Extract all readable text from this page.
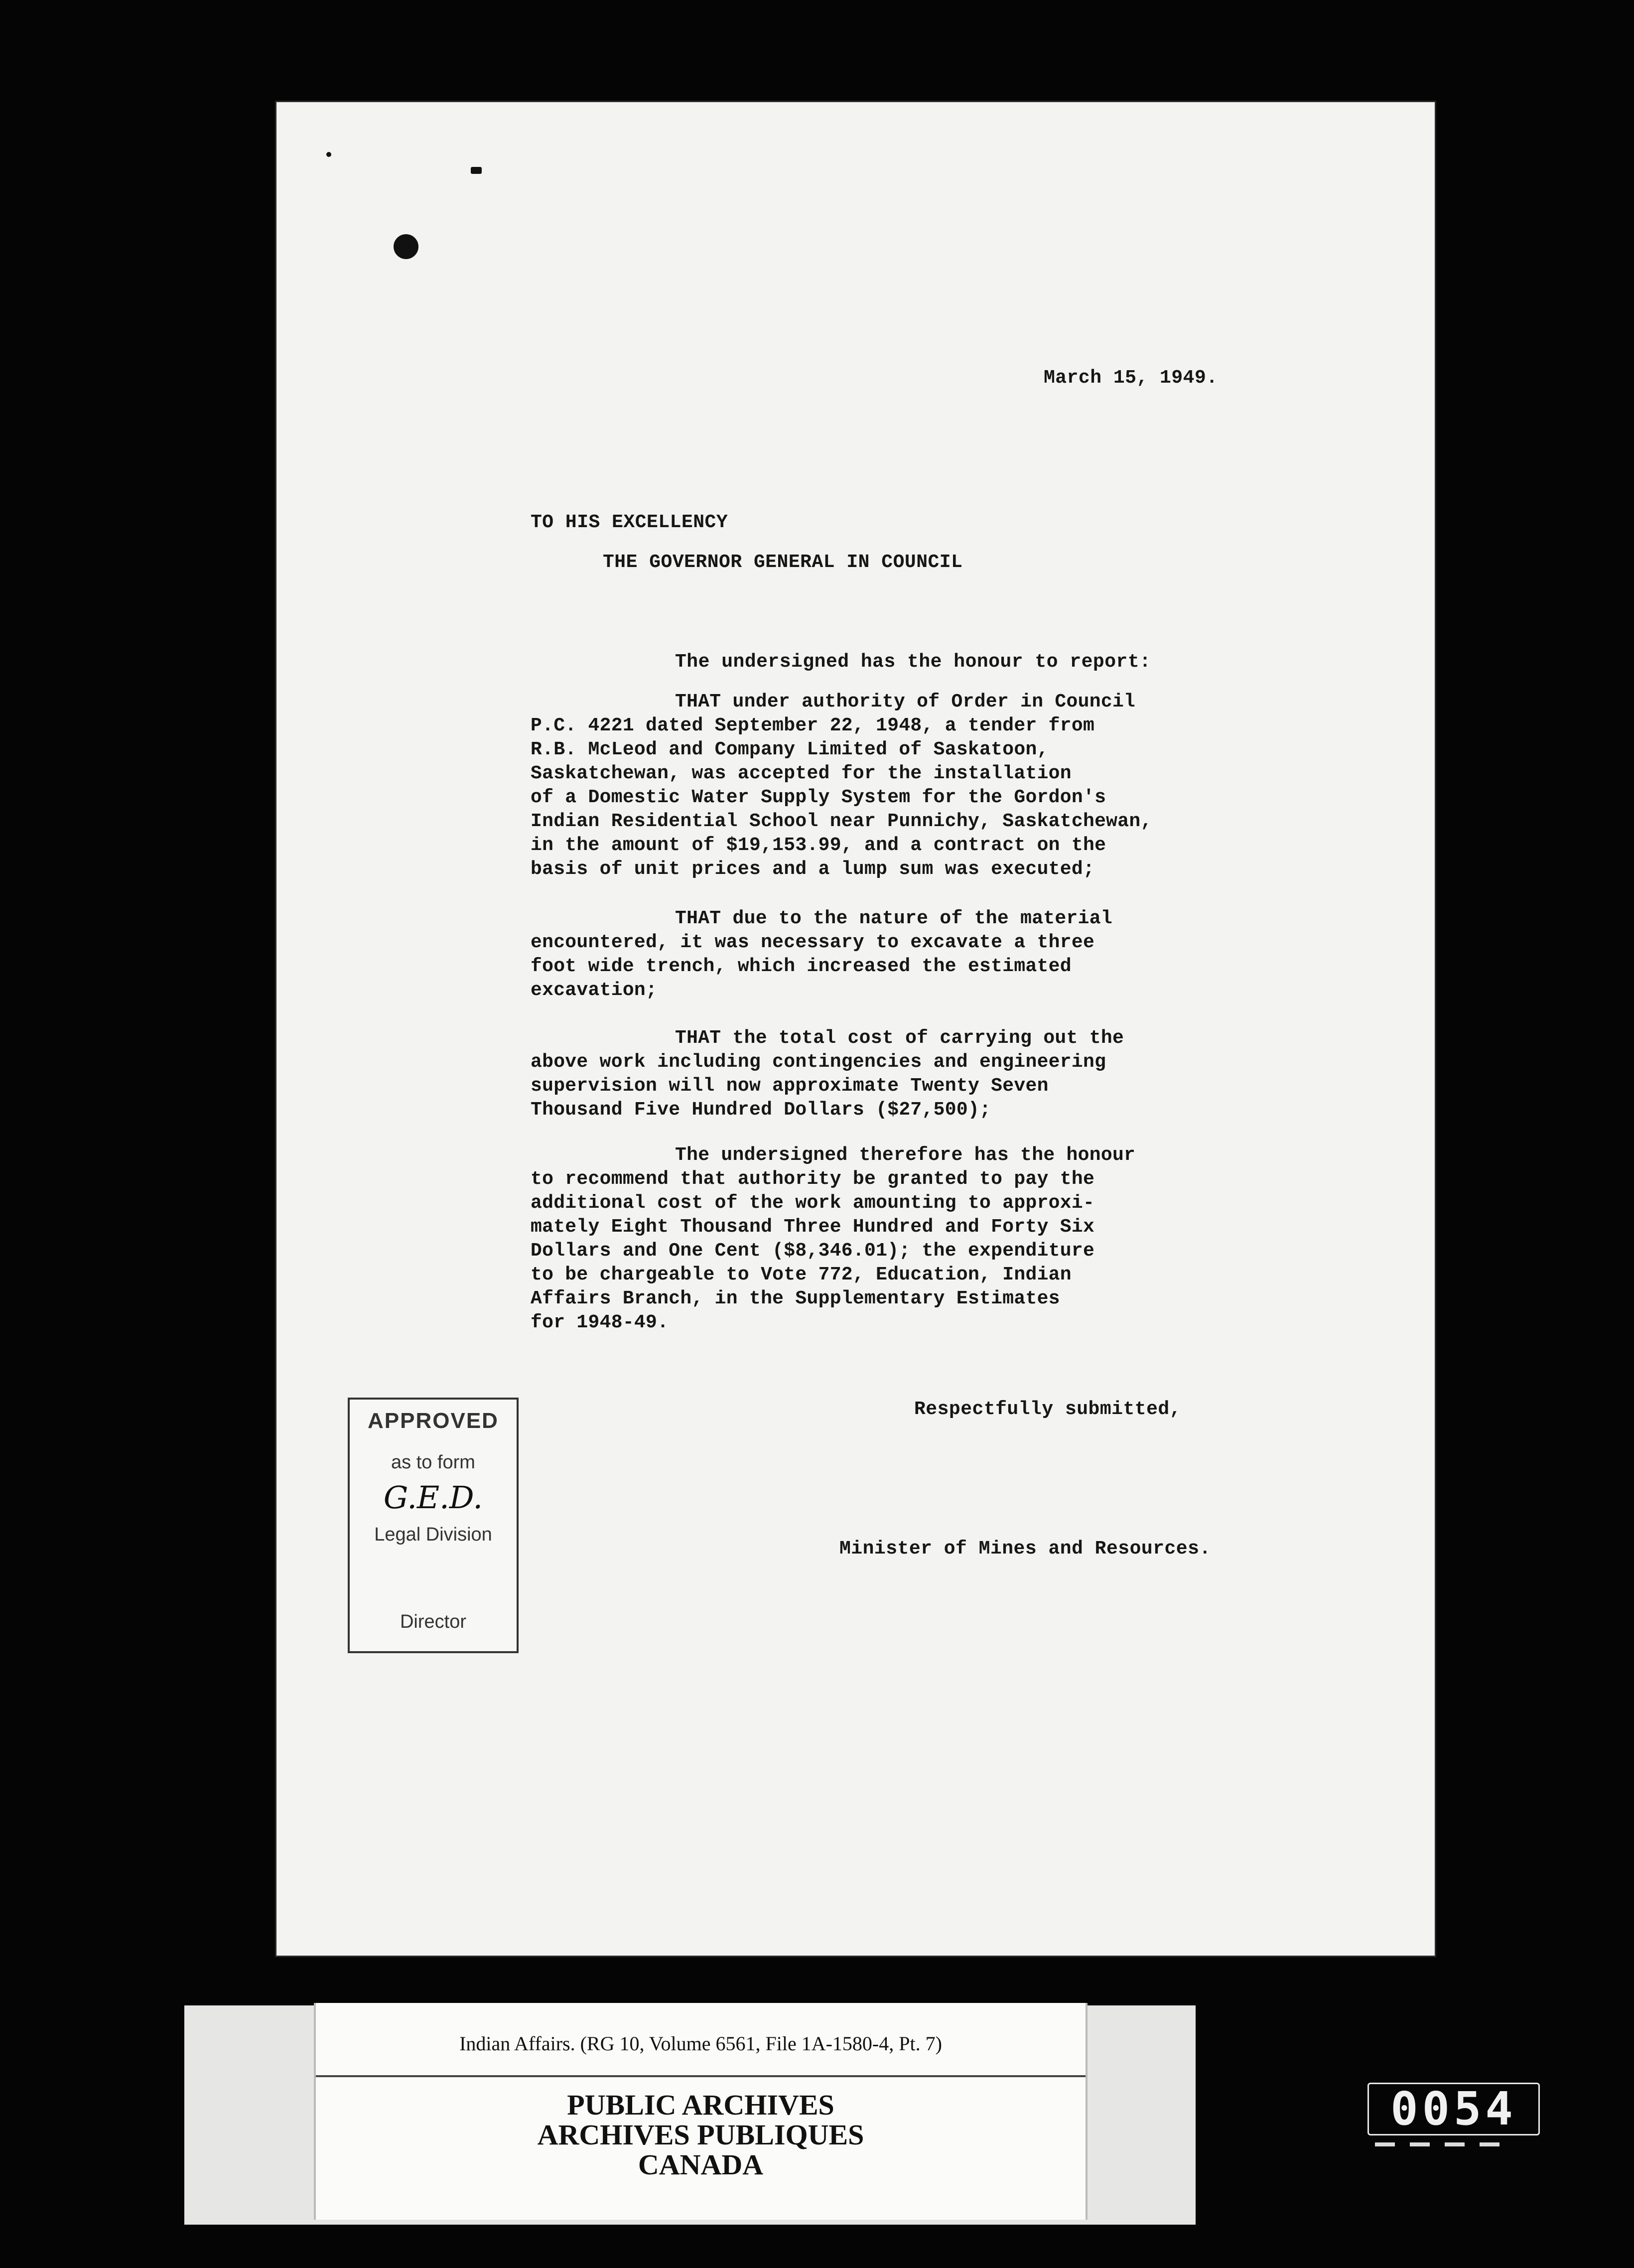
March 15, 1949.
TO HIS EXCELLENCY
THE GOVERNOR GENERAL IN COUNCIL
The undersigned has the honour to report:
THAT under authority of Order in Council
P.C. 4221 dated September 22, 1948, a tender from
R.B. McLeod and Company Limited of Saskatoon,
Saskatchewan, was accepted for the installation
of a Domestic Water Supply System for the Gordon's
Indian Residential School near Punnichy, Saskatchewan,
in the amount of $19,153.99, and a contract on the
basis of unit prices and a lump sum was executed;
THAT due to the nature of the material
encountered, it was necessary to excavate a three
foot wide trench, which increased the estimated
excavation;
THAT the total cost of carrying out the
above work including contingencies and engineering
supervision will now approximate Twenty Seven
Thousand Five Hundred Dollars ($27,500);
The undersigned therefore has the honour
to recommend that authority be granted to pay the
additional cost of the work amounting to approxi-
mately Eight Thousand Three Hundred and Forty Six
Dollars and One Cent ($8,346.01); the expenditure
to be chargeable to Vote 772, Education, Indian
Affairs Branch, in the Supplementary Estimates
for 1948-49.
Respectfully submitted,
Minister of Mines and Resources.
APPROVED
as to form
G.E.D.
Legal Division
Director
Indian Affairs. (RG 10, Volume 6561, File 1A-1580-4, Pt. 7)
PUBLIC ARCHIVES
ARCHIVES PUBLIQUES
CANADA
0054
